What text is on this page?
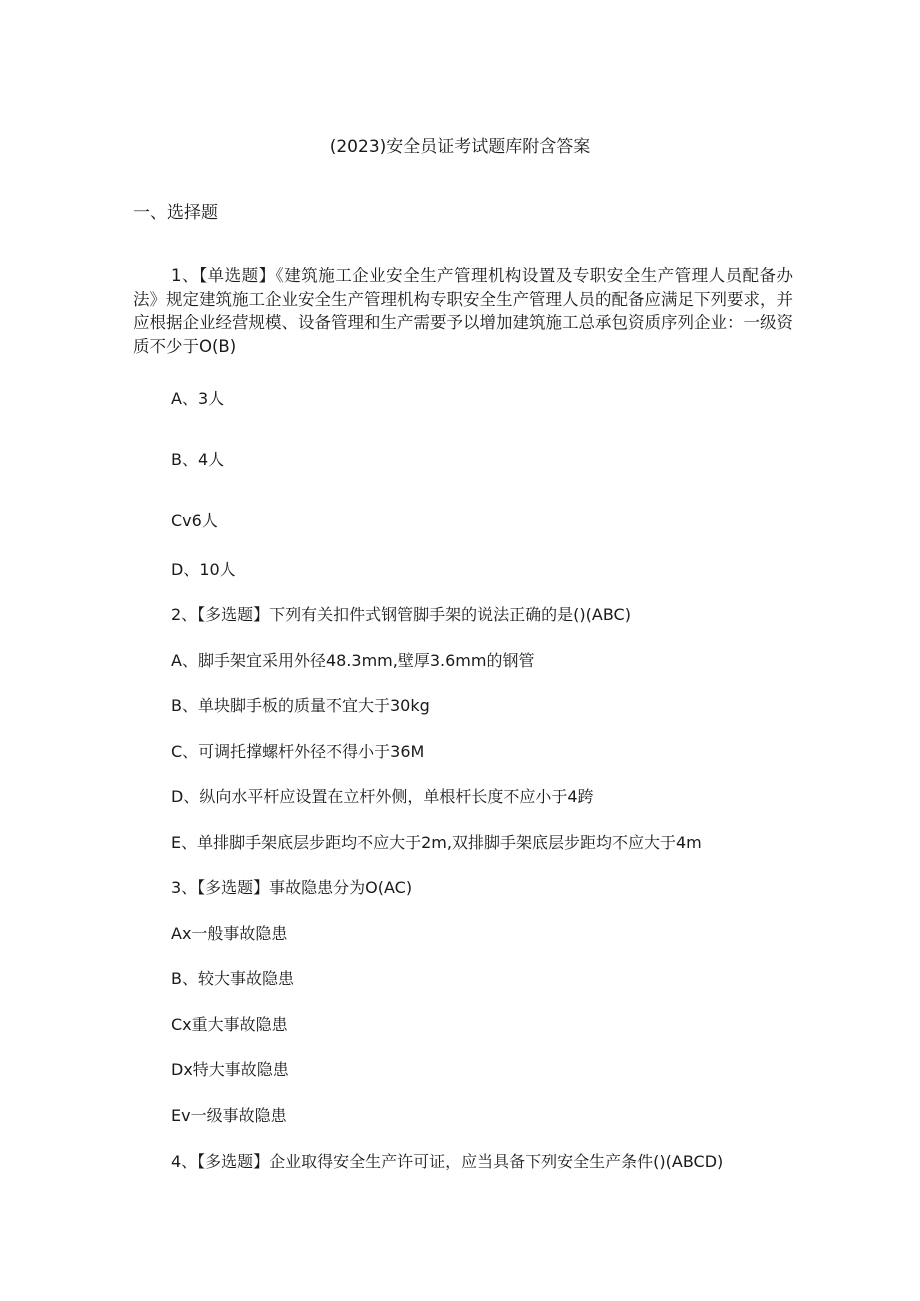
(2023)安全员证考试题库附含答案
一、选择题
1、【单选题】《建筑施工企业安全生产管理机构设置及专职安全生产管理人员配备办法》规定建筑施工企业安全生产管理机构专职安全生产管理人员的配备应满足下列要求，并应根据企业经营规模、设备管理和生产需要予以增加建筑施工总承包资质序列企业：一级资质不少于O(B)
A、3人
B、4人
Cv6人
D、10人
2、【多选题】下列有关扣件式钢管脚手架的说法正确的是()(ABC)
A、脚手架宜采用外径48.3mm,壁厚3.6mm的钢管
B、单块脚手板的质量不宜大于30kg
C、可调托撑螺杆外径不得小于36M
D、纵向水平杆应设置在立杆外侧，单根杆长度不应小于4跨
E、单排脚手架底层步距均不应大于2m,双排脚手架底层步距均不应大于4m
3、【多选题】事故隐患分为O(AC)
Ax一般事故隐患
B、较大事故隐患
Cx重大事故隐患
Dx特大事故隐患
Ev一级事故隐患
4、【多选题】企业取得安全生产许可证，应当具备下列安全生产条件()(ABCD)
